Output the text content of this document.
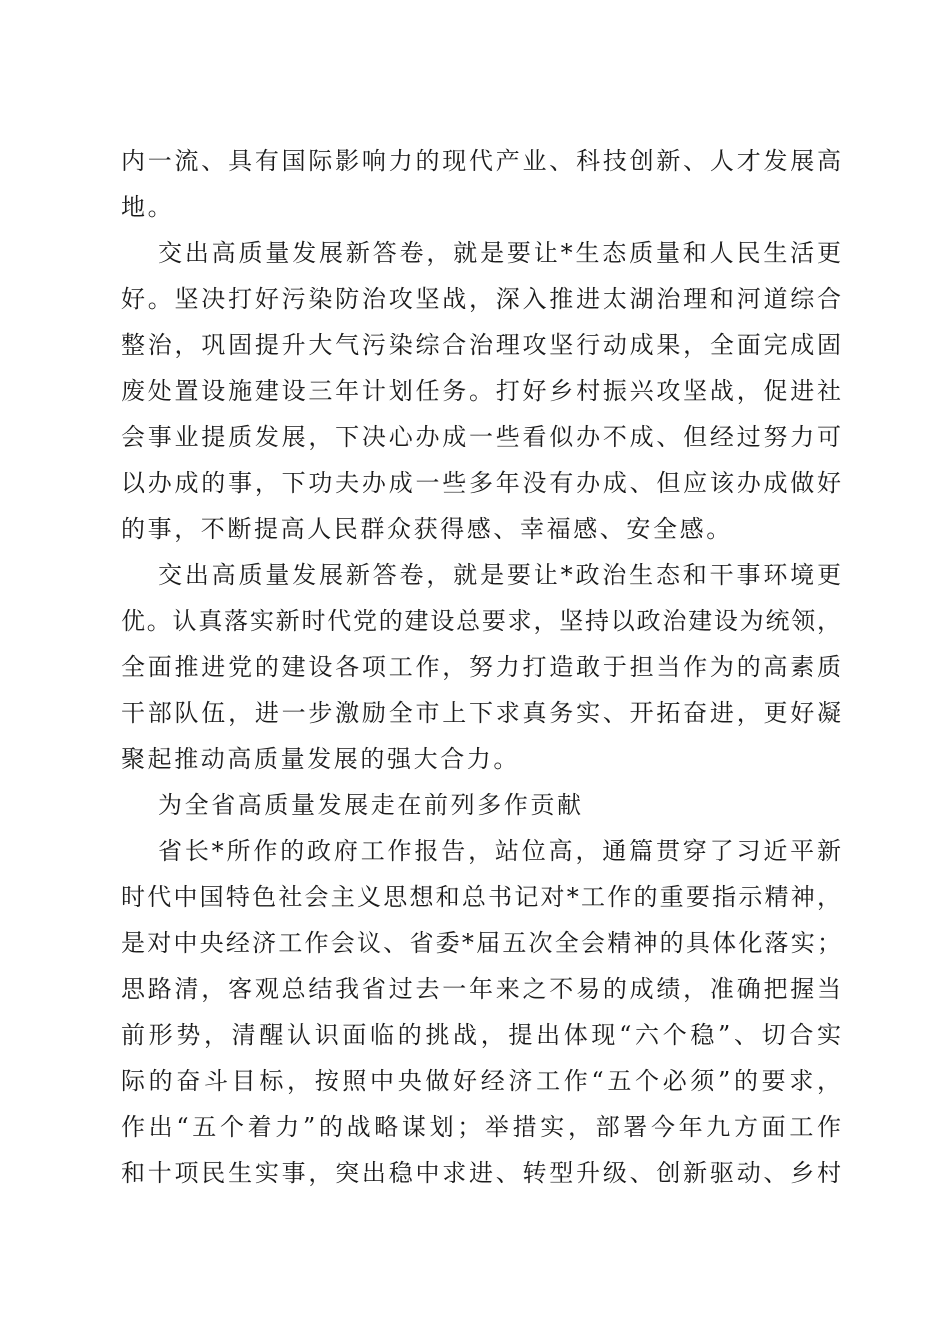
内一流、具有国际影响力的现代产业、科技创新、人才发展高
地。
交出高质量发展新答卷，就是要让*生态质量和人民生活更
好。坚决打好污染防治攻坚战，深入推进太湖治理和河道综合
整治，巩固提升大气污染综合治理攻坚行动成果，全面完成固
废处置设施建设三年计划任务。打好乡村振兴攻坚战，促进社
会事业提质发展，下决心办成一些看似办不成、但经过努力可
以办成的事，下功夫办成一些多年没有办成、但应该办成做好
的事，不断提高人民群众获得感、幸福感、安全感。
交出高质量发展新答卷，就是要让*政治生态和干事环境更
优。认真落实新时代党的建设总要求，坚持以政治建设为统领，
全面推进党的建设各项工作，努力打造敢于担当作为的高素质
干部队伍，进一步激励全市上下求真务实、开拓奋进，更好凝
聚起推动高质量发展的强大合力。
为全省高质量发展走在前列多作贡献
省长*所作的政府工作报告，站位高，通篇贯穿了习近平新
时代中国特色社会主义思想和总书记对*工作的重要指示精神，
是对中央经济工作会议、省委*届五次全会精神的具体化落实；
思路清，客观总结我省过去一年来之不易的成绩，准确把握当
前形势，清醒认识面临的挑战，提出体现“六个稳”、切合实
际的奋斗目标，按照中央做好经济工作“五个必须”的要求，
作出“五个着力”的战略谋划；举措实，部署今年九方面工作
和十项民生实事，突出稳中求进、转型升级、创新驱动、乡村
